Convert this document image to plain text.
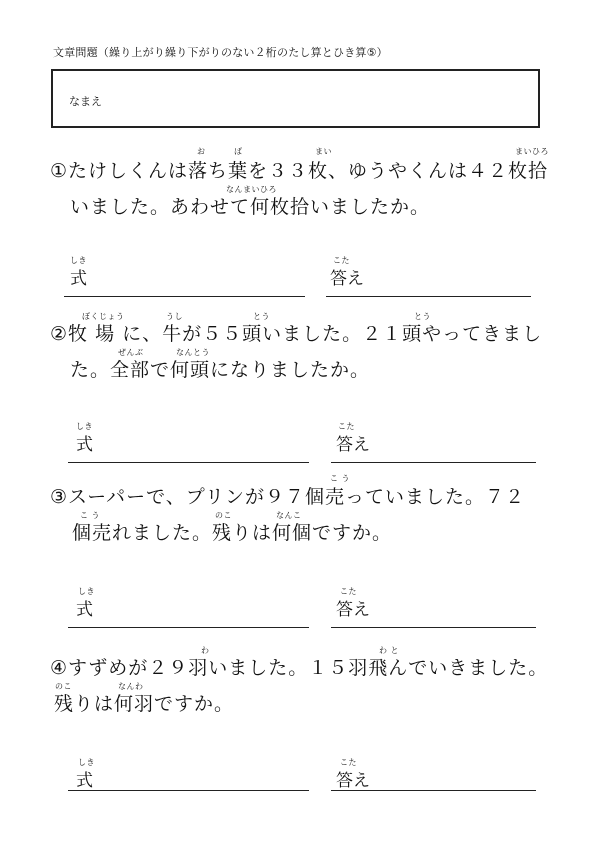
文章問題（繰り上がり繰り下がりのない２桁のたし算とひき算⑤）
なまえ
お	ば	まい	まいひろ
①たけしくんは落ち葉を３３枚、ゆうやくんは４２枚拾
なんまいひろ
いました。あわせて何枚拾いましたか。
しき
式
こた
答え
ぼくじょう	うし	とう	とう
②牧 場 に、牛が５５頭いました。２１頭やってきまし
ぜんぶ	なんとう
た。全部で何頭になりましたか。
しき
式
こた
答え
こ う
③スーパーで、プリンが９７個売っていました。７２
こ う	のこ	なんこ
個売れました。残りは何個ですか。
しき
式
こた
答え
わ	わ と
④すずめが２９羽いました。１５羽飛んでいきました。
のこ	なんわ
残りは何羽ですか。
しき
式
こた
答え
